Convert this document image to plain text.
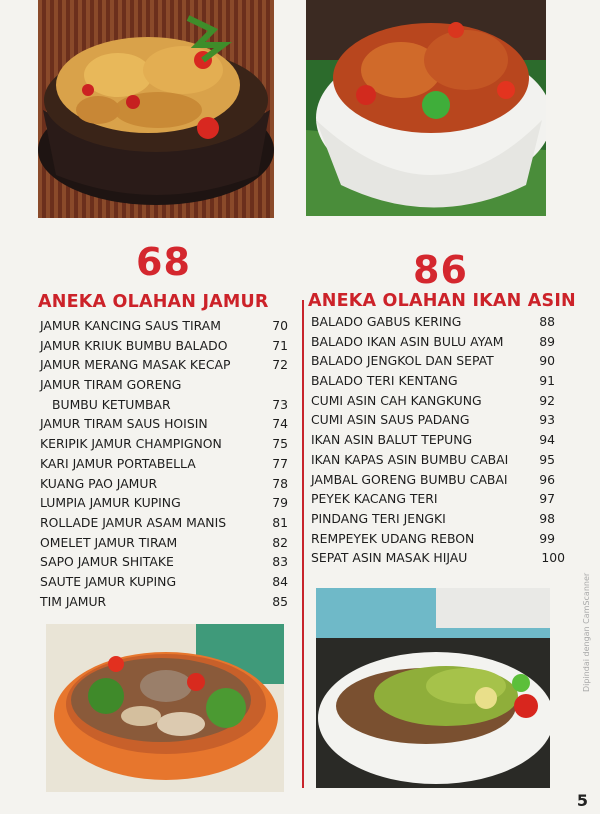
68	86
ANEKA OLAHAN JAMUR ANEKA OLAHAN IKAN ASIN
JAMUR KANCING SAUS TIRAM	70
JAMUR KRIUK BUMBU BALADO	71
JAMUR MERANG MASAK KECAP	72
JAMUR TIRAM GORENG
BUMBU KETUMBAR	73
JAMUR TIRAM SAUS HOISIN	74
KERIPIK JAMUR CHAMPIGNON	75
KARI JAMUR PORTABELLA	77
KUANG PAO JAMUR	78
LUMPIA JAMUR KUPING	79
ROLLADE JAMUR ASAM MANIS	81
OMELET JAMUR TIRAM	82
SAPO JAMUR SHITAKE	83
SAUTE JAMUR KUPING	84
TIM JAMUR	85
BALADO GABUS KERING	88
BALADO IKAN ASIN BULU AYAM	89
BALADO JENGKOL DAN SEPAT	90
BALADO TERI KENTANG	91
CUMI ASIN CAH KANGKUNG	92
CUMI ASIN SAUS PADANG	93
IKAN ASIN BALUT TEPUNG	94
IKAN KAPAS ASIN BUMBU CABAI 95
JAMBAL GORENG BUMBU CABAI	96
PEYEK KACANG TERI	97
PINDANG TERI JENGKI	98
REMPEYEK UDANG REBON	99
SEPAT ASIN MASAK HIJAU	100
Dipindai dengan CamScanner
5
